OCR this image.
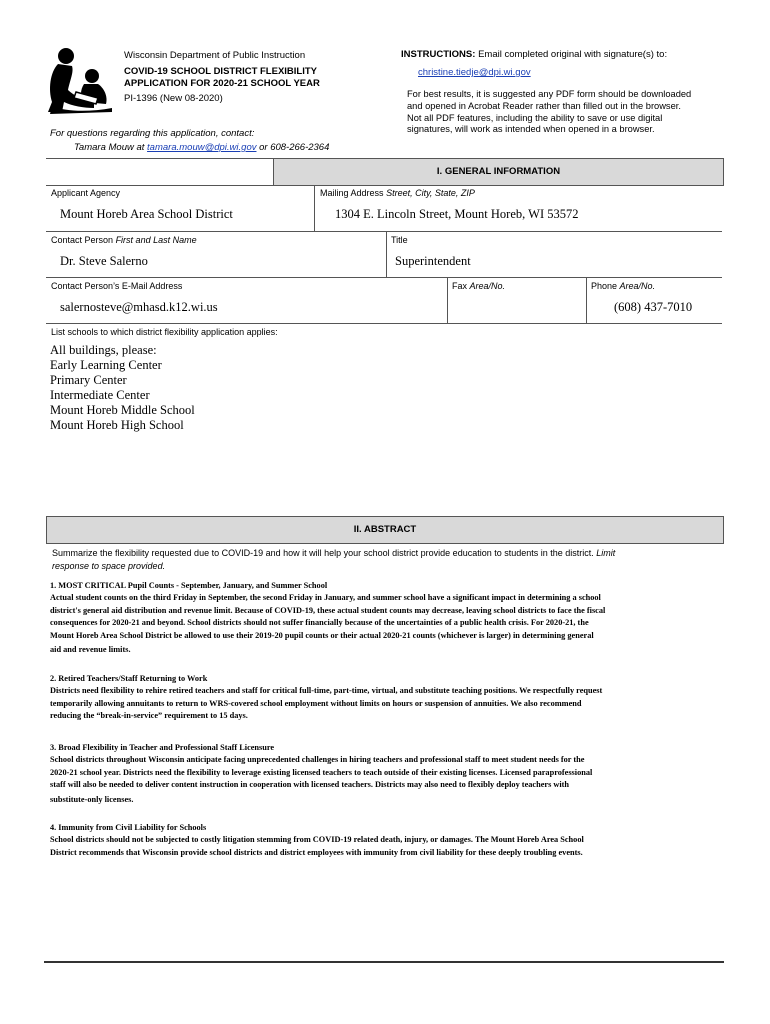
Wisconsin Department of Public Instruction
COVID-19 SCHOOL DISTRICT FLEXIBILITY
APPLICATION FOR 2020-21 SCHOOL YEAR
PI-1396 (New 08-2020)
For questions regarding this application, contact:
Tamara Mouw at tamara.mouw@dpi.wi.gov or 608-266-2364
INSTRUCTIONS: Email completed original with signature(s) to:
christine.tiedje@dpi.wi.gov
For best results, it is suggested any PDF form should be downloaded
and opened in Acrobat Reader rather than filled out in the browser.
Not all PDF features, including the ability to save or use digital
signatures, will work as intended when opened in a browser.
I. GENERAL INFORMATION
Applicant Agency
Mount Horeb Area School District
Mailing Address Street, City, State, ZIP
1304 E. Lincoln Street, Mount Horeb, WI 53572
Contact Person First and Last Name
Dr. Steve Salerno
Title
Superintendent
Contact Person’s E-Mail Address
salernosteve@mhasd.k12.wi.us
Fax Area/No.	Phone Area/No.
(608) 437-7010
List schools to which district flexibility application applies:
All buildings, please:
Early Learning Center
Primary Center
Intermediate Center
Mount Horeb Middle School
Mount Horeb High School
II. ABSTRACT
Summarize the flexibility requested due to COVID-19 and how it will help your school district provide education to students in the district. Limit
response to space provided.
1. MOST CRITICAL Pupil Counts - September, January, and Summer School
Actual student counts on the third Friday in September, the second Friday in January, and summer school have a significant impact in determining a school
district's general aid distribution and revenue limit. Because of COVID-19, these actual student counts may decrease, leaving school districts to face the fiscal
consequences for 2020-21 and beyond. School districts should not suffer financially because of the uncertainties of a public health crisis. For 2020-21, the
Mount Horeb Area School District be allowed to use their 2019-20 pupil counts or their actual 2020-21 counts (whichever is larger) in determining general
aid and revenue limits.
2. Retired Teachers/Staff Returning to Work
Districts need flexibility to rehire retired teachers and staff for critical full-time, part-time, virtual, and substitute teaching positions. We respectfully request
temporarily allowing annuitants to return to WRS-covered school employment without limits on hours or suspension of annuities. We also recommend
reducing the “break-in-service” requirement to 15 days.
3. Broad Flexibility in Teacher and Professional Staff Licensure
School districts throughout Wisconsin anticipate facing unprecedented challenges in hiring teachers and professional staff to meet student needs for the
2020-21 school year. Districts need the flexibility to leverage existing licensed teachers to teach outside of their existing licenses. Licensed paraprofessional
staff will also be needed to deliver content instruction in cooperation with licensed teachers. Districts may also need to flexibly deploy teachers with
substitute-only licenses.
4. Immunity from Civil Liability for Schools
School districts should not be subjected to costly litigation stemming from COVID-19 related death, injury, or damages. The Mount Horeb Area School
District recommends that Wisconsin provide school districts and district employees with immunity from civil liability for these deeply troubling events.
